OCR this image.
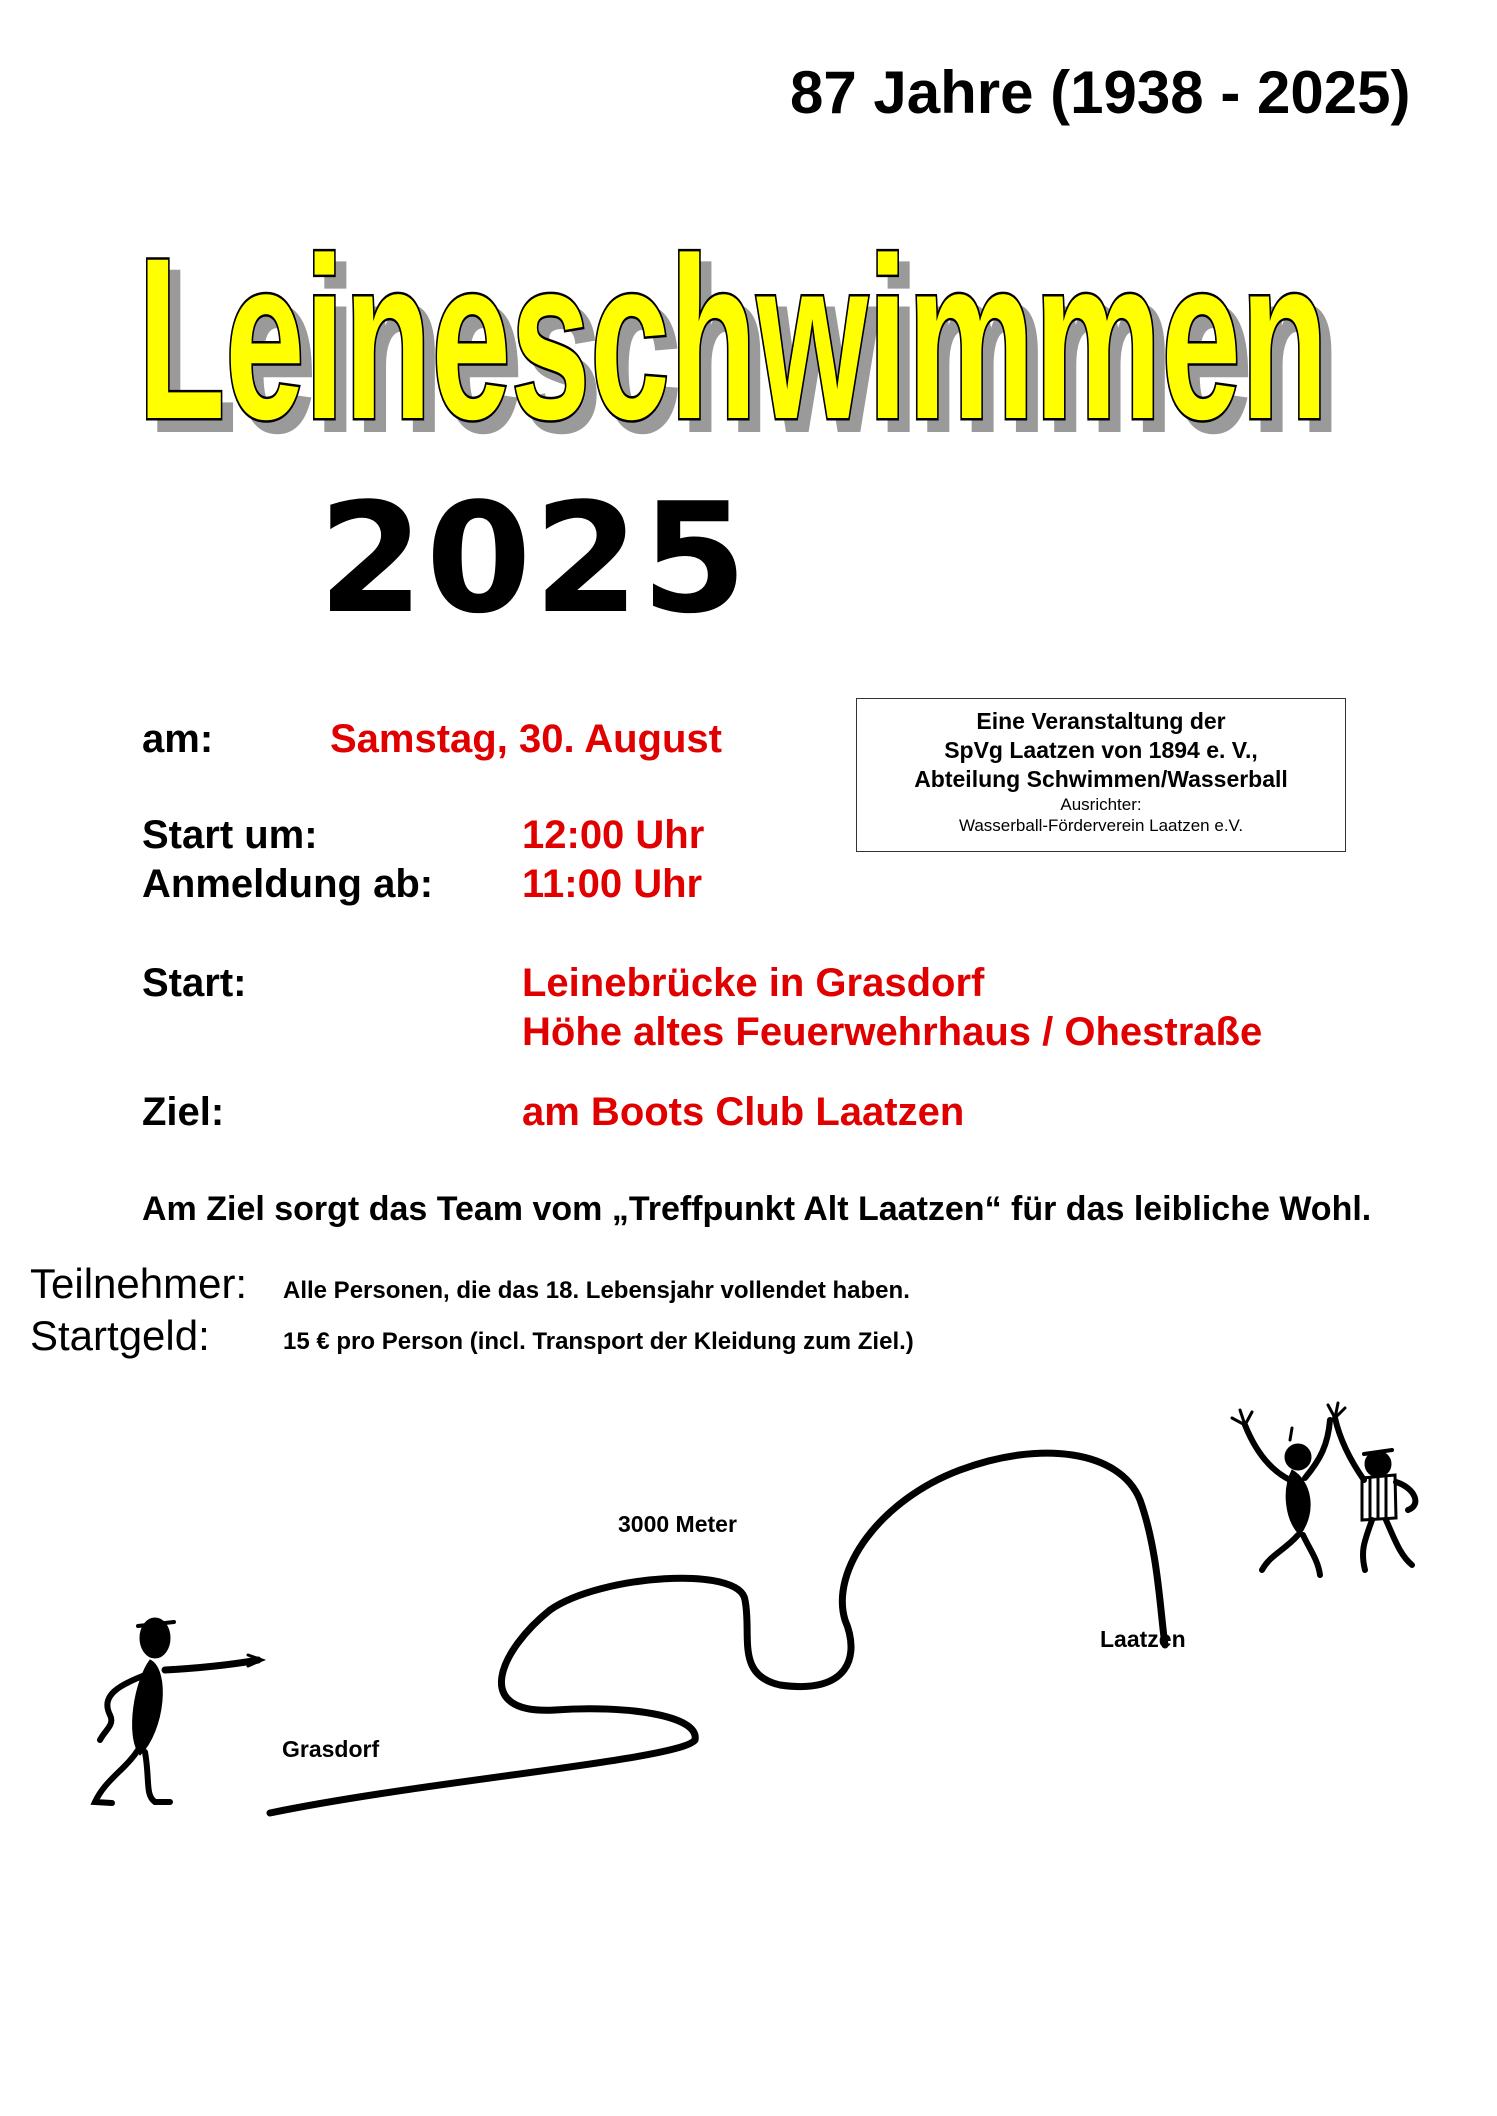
87 Jahre (1938 - 2025)
Leineschwimmen
Leineschwimmen
2025
am:	Samstag, 30. August
Start um:	12:00 Uhr
Anmeldung ab: 11:00 Uhr
Start:	Leinebrücke in Grasdorf
Höhe altes Feuerwehrhaus / Ohestraße
Ziel:	am Boots Club Laatzen
Eine Veranstaltung der
SpVg Laatzen von 1894 e. V.,
Abteilung Schwimmen/Wasserball
Ausrichter:
Wasserball-Förderverein Laatzen e.V.
Am Ziel sorgt das Team vom „Treffpunkt Alt Laatzen“ für das leibliche Wohl.
Teilnehmer: Alle Personen, die das 18. Lebensjahr vollendet haben.
Startgeld:	15 € pro Person (incl. Transport der Kleidung zum Ziel.)
3000 Meter
Grasdorf
Laatzen
